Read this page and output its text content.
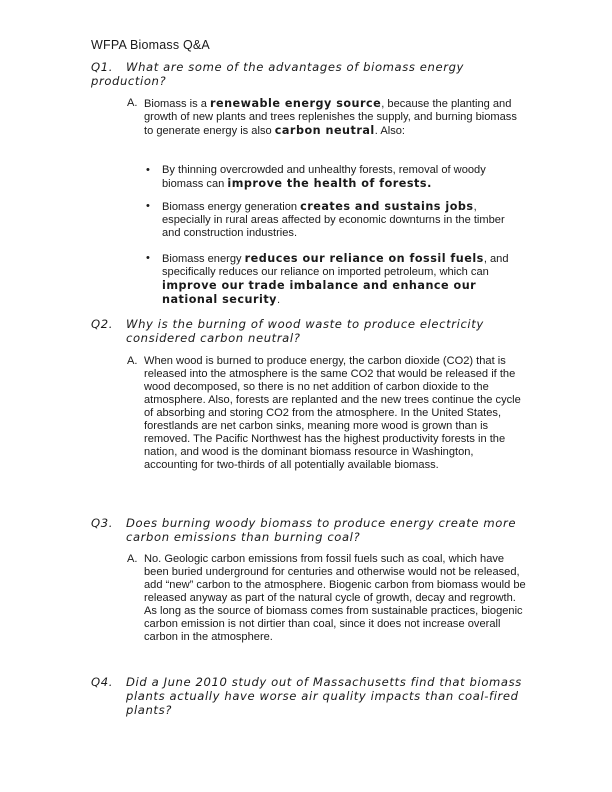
WFPA Biomass Q&A
Q1.	What are some of the advantages of biomass energy production?
A. Biomass is a renewable energy source, because the planting and growth of new plants and trees replenishes the supply, and burning biomass to generate energy is also carbon neutral. Also:
• By thinning overcrowded and unhealthy forests, removal of woody biomass can improve the health of forests.
• Biomass energy generation creates and sustains jobs, especially in rural areas affected by economic downturns in the timber and construction industries.
• Biomass energy reduces our reliance on fossil fuels, and specifically reduces our reliance on imported petroleum, which can improve our trade imbalance and enhance our national security.
Q2. Why is the burning of wood waste to produce electricity considered carbon neutral?
A. When wood is burned to produce energy, the carbon dioxide (CO2) that is released into the atmosphere is the same CO2 that would be released if the wood decomposed, so there is no net addition of carbon dioxide to the atmosphere. Also, forests are replanted and the new trees continue the cycle of absorbing and storing CO2 from the atmosphere. In the United States, forestlands are net carbon sinks, meaning more wood is grown than is removed. The Pacific Northwest has the highest productivity forests in the nation, and wood is the dominant biomass resource in Washington, accounting for two-thirds of all potentially available biomass.
Q3. Does burning woody biomass to produce energy create more carbon emissions than burning coal?
A. No. Geologic carbon emissions from fossil fuels such as coal, which have been buried underground for centuries and otherwise would not be released, add “new” carbon to the atmosphere. Biogenic carbon from biomass would be released anyway as part of the natural cycle of growth, decay and regrowth. As long as the source of biomass comes from sustainable practices, biogenic carbon emission is not dirtier than coal, since it does not increase overall carbon in the atmosphere.
Q4. Did a June 2010 study out of Massachusetts find that biomass plants actually have worse air quality impacts than coal-fired plants?
